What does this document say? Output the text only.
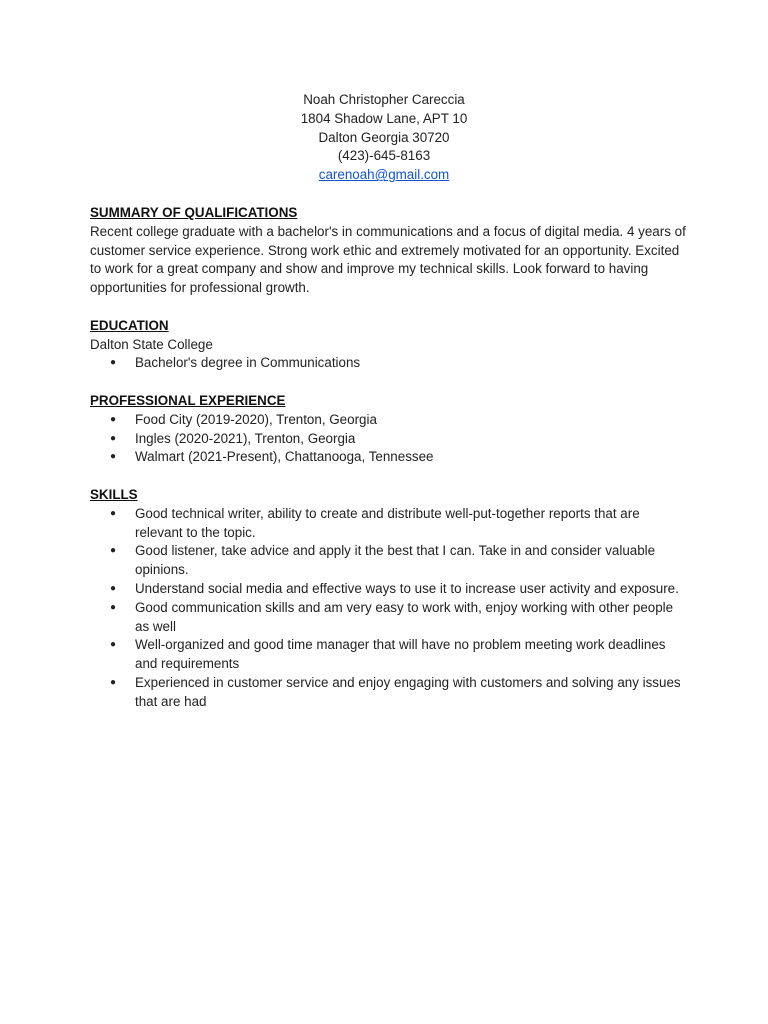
Noah Christopher Careccia
1804 Shadow Lane, APT 10
Dalton Georgia 30720
(423)-645-8163
carenoah@gmail.com
SUMMARY OF QUALIFICATIONS
Recent college graduate with a bachelor's in communications and a focus of digital media. 4 years of customer service experience. Strong work ethic and extremely motivated for an opportunity. Excited to work for a great company and show and improve my technical skills. Look forward to having opportunities for professional growth.
EDUCATION
Dalton State College
● Bachelor's degree in Communications
PROFESSIONAL EXPERIENCE
● Food City (2019-2020), Trenton, Georgia
● Ingles (2020-2021), Trenton, Georgia
● Walmart (2021-Present), Chattanooga, Tennessee
SKILLS
● Good technical writer, ability to create and distribute well-put-together reports that are relevant to the topic.
● Good listener, take advice and apply it the best that I can. Take in and consider valuable opinions.
● Understand social media and effective ways to use it to increase user activity and exposure.
● Good communication skills and am very easy to work with, enjoy working with other people as well
● Well-organized and good time manager that will have no problem meeting work deadlines and requirements
● Experienced in customer service and enjoy engaging with customers and solving any issues that are had
